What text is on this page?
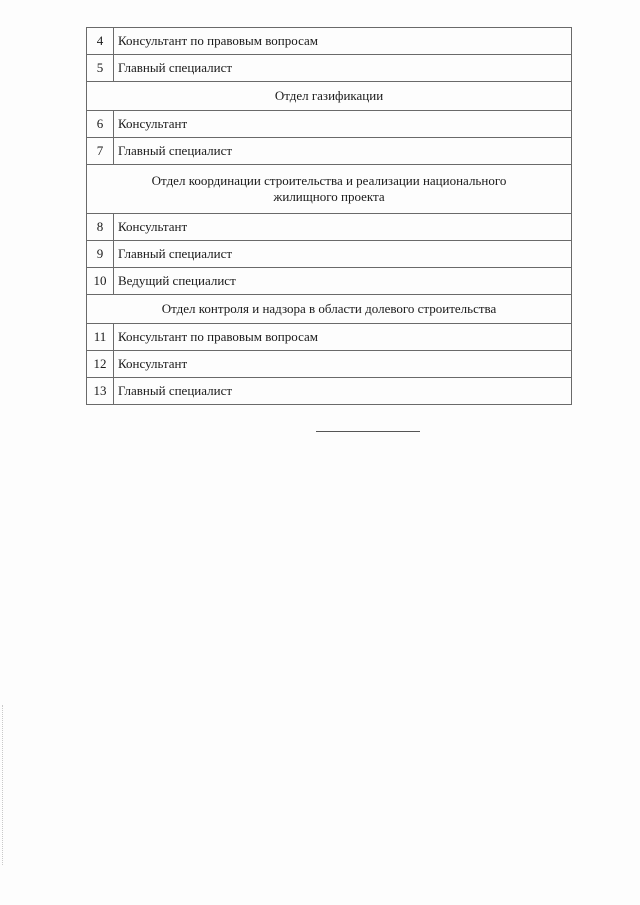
4	Консультант по правовым вопросам
5	Главный специалист
Отдел газификации	
6	Консультант
7	Главный специалист
Отдел координации строительства и реализации национального жилищного проекта	
8	Консультант
9	Главный специалист
10	Ведущий специалист
Отдел контроля и надзора в области долевого строительства	
11	Консультант по правовым вопросам
12	Консультант
13	Главный специалист
